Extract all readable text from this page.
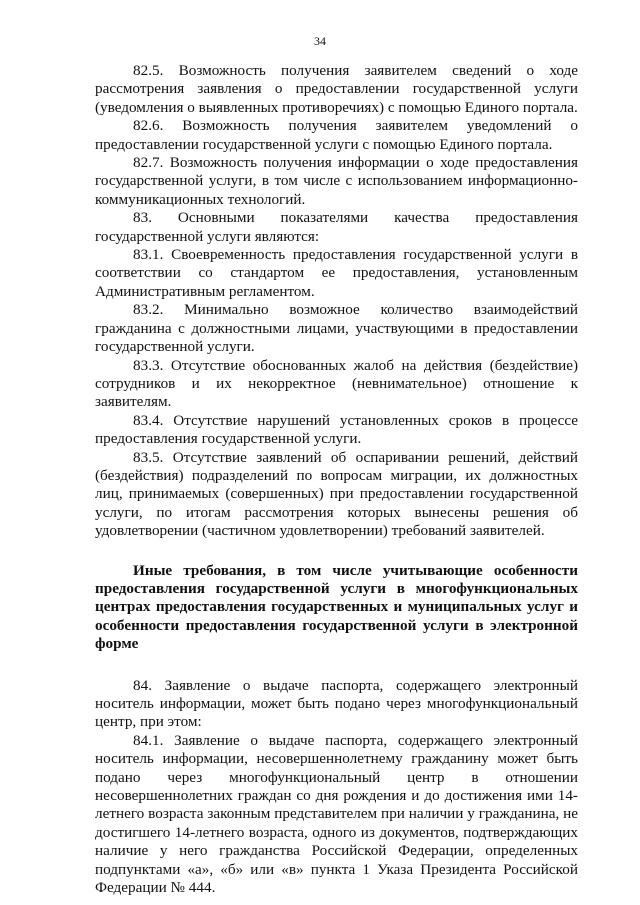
34

82.5. Возможность получения заявителем сведений о ходе рассмотрения заявления о предоставлении государственной услуги (уведомления о выявленных противоречиях) с помощью Единого портала.

82.6. Возможность получения заявителем уведомлений о предоставлении государственной услуги с помощью Единого портала.

82.7. Возможность получения информации о ходе предоставления государственной услуги, в том числе с использованием информационно-коммуникационных технологий.

83. Основными показателями качества предоставления государственной услуги являются:

83.1. Своевременность предоставления государственной услуги в соответствии со стандартом ее предоставления, установленным Административным регламентом.

83.2. Минимально возможное количество взаимодействий гражданина с должностными лицами, участвующими в предоставлении государственной услуги.

83.3. Отсутствие обоснованных жалоб на действия (бездействие) сотрудников и их некорректное (невнимательное) отношение к заявителям.

83.4. Отсутствие нарушений установленных сроков в процессе предоставления государственной услуги.

83.5. Отсутствие заявлений об оспаривании решений, действий (бездействия) подразделений по вопросам миграции, их должностных лиц, принимаемых (совершенных) при предоставлении государственной услуги, по итогам рассмотрения которых вынесены решения об удовлетворении (частичном удовлетворении) требований заявителей.

Иные требования, в том числе учитывающие особенности предоставления государственной услуги в многофункциональных центрах предоставления государственных и муниципальных услуг и особенности предоставления государственной услуги в электронной форме

84. Заявление о выдаче паспорта, содержащего электронный носитель информации, может быть подано через многофункциональный центр, при этом:

84.1. Заявление о выдаче паспорта, содержащего электронный носитель информации, несовершеннолетнему гражданину может быть подано через многофункциональный центр в отношении несовершеннолетних граждан со дня рождения и до достижения ими 14-летнего возраста законным представителем при наличии у гражданина, не достигшего 14-летнего возраста, одного из документов, подтверждающих наличие у него гражданства Российской Федерации, определенных подпунктами «а», «б» или «в» пункта 1 Указа Президента Российской Федерации № 444.
